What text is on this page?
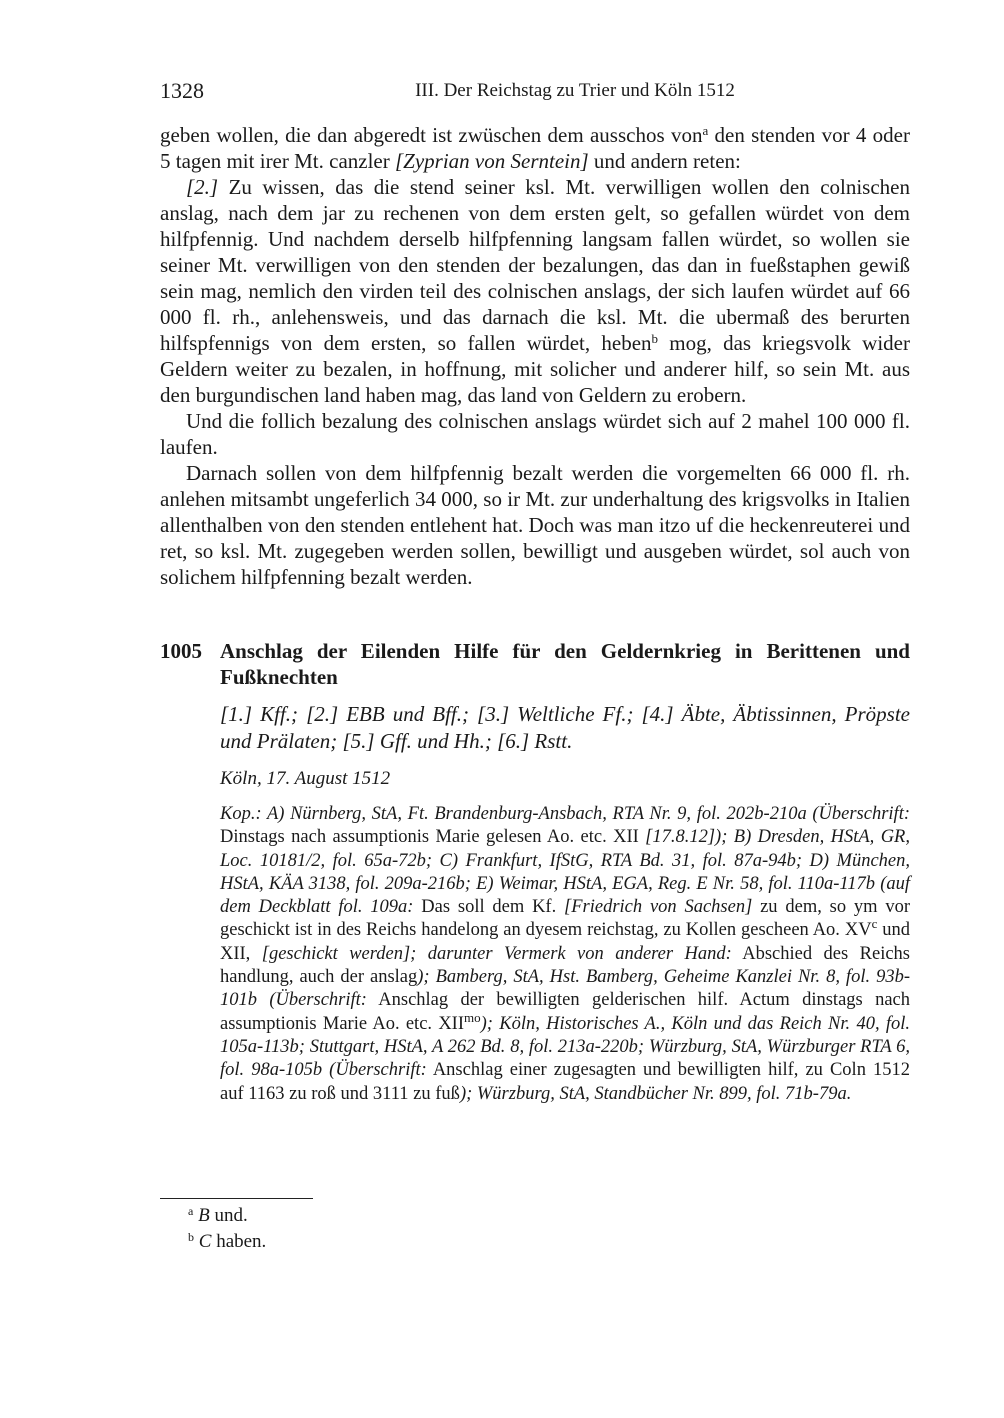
1328	III. Der Reichstag zu Trier und Köln 1512

geben wollen, die dan abgeredt ist zwüschen dem ausschos von$^a$ den stenden vor 4 oder 5 tagen mit irer Mt. canzler [Zyprian von Serntein] und andern reten:

[2.] Zu wissen, das die stend seiner ksl. Mt. verwilligen wollen den colnischen anslag, nach dem jar zu rechenen von dem ersten gelt, so gefallen würdet von dem hilfpfennig. Und nachdem derselb hilfpfenning langsam fallen würdet, so wollen sie seiner Mt. verwilligen von den stenden der bezalungen, das dan in fueßstaphen gewiß sein mag, nemlich den virden teil des colnischen anslags, der sich laufen würdet auf 66 000 fl. rh., anlehensweis, und das darnach die ksl. Mt. die ubermaß des berurten hilfspfennigs von dem ersten, so fallen würdet, heben$^b$ mog, das kriegsvolk wider Geldern weiter zu bezalen, in hoffnung, mit solicher und anderer hilf, so sein Mt. aus den burgundischen land haben mag, das land von Geldern zu erobern.

Und die follich bezalung des colnischen anslags würdet sich auf 2 mahel 100 000 fl. laufen.

Darnach sollen von dem hilfpfennig bezalt werden die vorgemelten 66 000 fl. rh. anlehen mitsambt ungeferlich 34 000, so ir Mt. zur underhaltung des krigsvolks in Italien allenthalben von den stenden entlehent hat. Doch was man itzo uf die heckenreuterei und ret, so ksl. Mt. zugegeben werden sollen, bewilligt und ausgeben würdet, sol auch von solichem hilfpfenning bezalt werden.

1005 Anschlag der Eilenden Hilfe für den Geldernkrieg in Berittenen und Fußknechten
[1.] Kff.; [2.] EBB und Bff.; [3.] Weltliche Ff.; [4.] Äbte, Äbtissinnen, Pröpste und Prälaten; [5.] Gff. und Hh.; [6.] Rstt.
Köln, 17. August 1512
Kop.: A) Nürnberg, StA, Ft. Brandenburg-Ansbach, RTA Nr. 9, fol. 202b-210a (Überschrift: Dinstags nach assumptionis Marie gelesen Ao. etc. XII [17.8.12]); B) Dresden, HStA, GR, Loc. 10181/2, fol. 65a-72b; C) Frankfurt, IfStG, RTA Bd. 31, fol. 87a-94b; D) München, HStA, KÄA 3138, fol. 209a-216b; E) Weimar, HStA, EGA, Reg. E Nr. 58, fol. 110a-117b (auf dem Deckblatt fol. 109a: Das soll dem Kf. [Friedrich von Sachsen] zu dem, so ym vor geschickt ist in des Reichs handelong an dyesem reichstag, zu Kollen gescheen Ao. $XV^c$ und XII, [geschickt werden]; darunter Vermerk von anderer Hand: Abschied des Reichs handlung, auch der anslag); Bamberg, StA, Hst. Bamberg, Geheime Kanzlei Nr. 8, fol. 93b-101b (Überschrift: Anschlag der bewilligten gelderischen hilf. Actum dinstags nach assumptionis Marie Ao. etc. $XII^{mo}$); Köln, Historisches A., Köln und das Reich Nr. 40, fol. 105a-113b; Stuttgart, HStA, A 262 Bd. 8, fol. 213a-220b; Würzburg, StA, Würzburger RTA 6, fol. 98a-105b (Überschrift: Anschlag einer zugesagten und bewilligten hilf, zu Coln 1512 auf 1163 zu roß und 3111 zu fuß); Würzburg, StA, Standbücher Nr. 899, fol. 71b-79a.
$^a$ B und.
$^b$ C haben.
